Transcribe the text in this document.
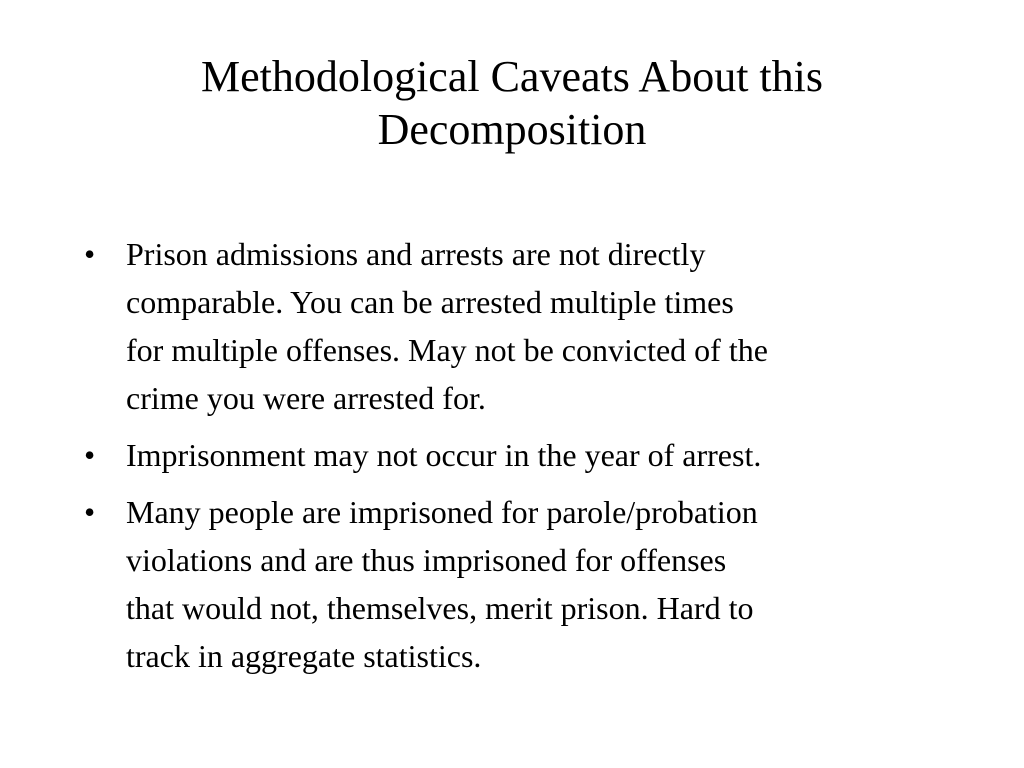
Methodological Caveats About this
Decomposition
• Prison admissions and arrests are not directly
comparable. You can be arrested multiple times
for multiple offenses. May not be convicted of the
crime you were arrested for.
• Imprisonment may not occur in the year of arrest.
• Many people are imprisoned for parole/probation
violations and are thus imprisoned for offenses
that would not, themselves, merit prison. Hard to
track in aggregate statistics.
